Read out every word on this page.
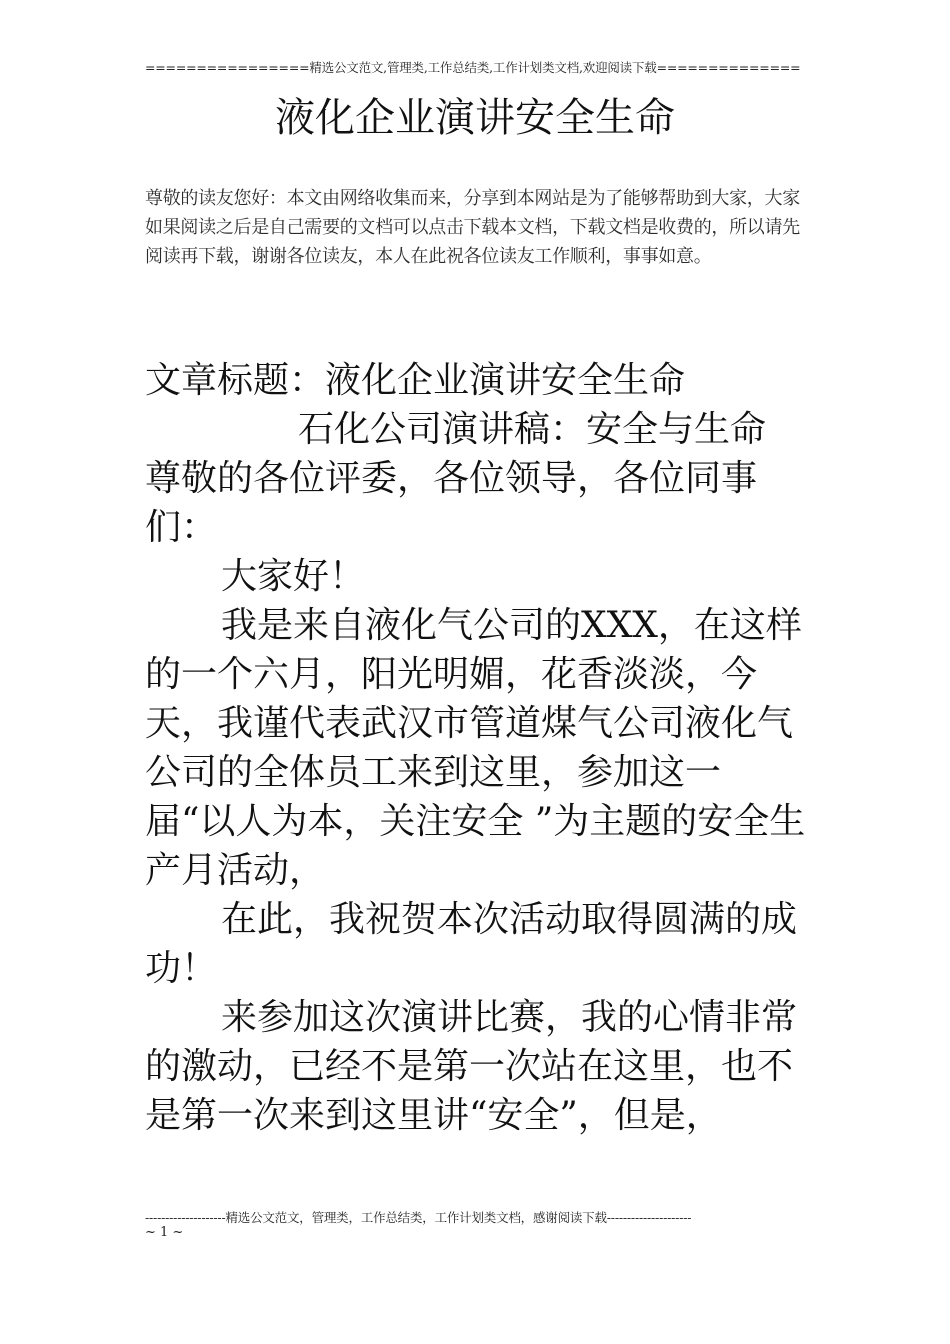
================精选公文范文,管理类,工作总结类,工作计划类文档,欢迎阅读下载==============
液化企业演讲安全生命
尊敬的读友您好：本文由网络收集而来，分享到本网站是为了能够帮助到大家，大家如果阅读之后是自己需要的文档可以点击下载本文档，下载文档是收费的，所以请先阅读再下载，谢谢各位读友，本人在此祝各位读友工作顺利，事事如意。

文章标题：液化企业演讲安全生命

石化公司演讲稿：安全与生命

尊敬的各位评委，各位领导，各位同事们：

大家好！

我是来自液化气公司的XXX，在这样的一个六月，阳光明媚，花香淡淡，今天，我谨代表武汉市管道煤气公司液化气公司的全体员工来到这里，参加这一届“以人为本，关注安全 ”为主题的安全生产月活动，

在此，我祝贺本次活动取得圆满的成功！

来参加这次演讲比赛，我的心情非常的激动，已经不是第一次站在这里，也不是第一次来到这里讲“安全”，但是，

--------------------精选公文范文，管理类，工作总结类，工作计划类文档，感谢阅读下载---------------------
~ 1 ~
